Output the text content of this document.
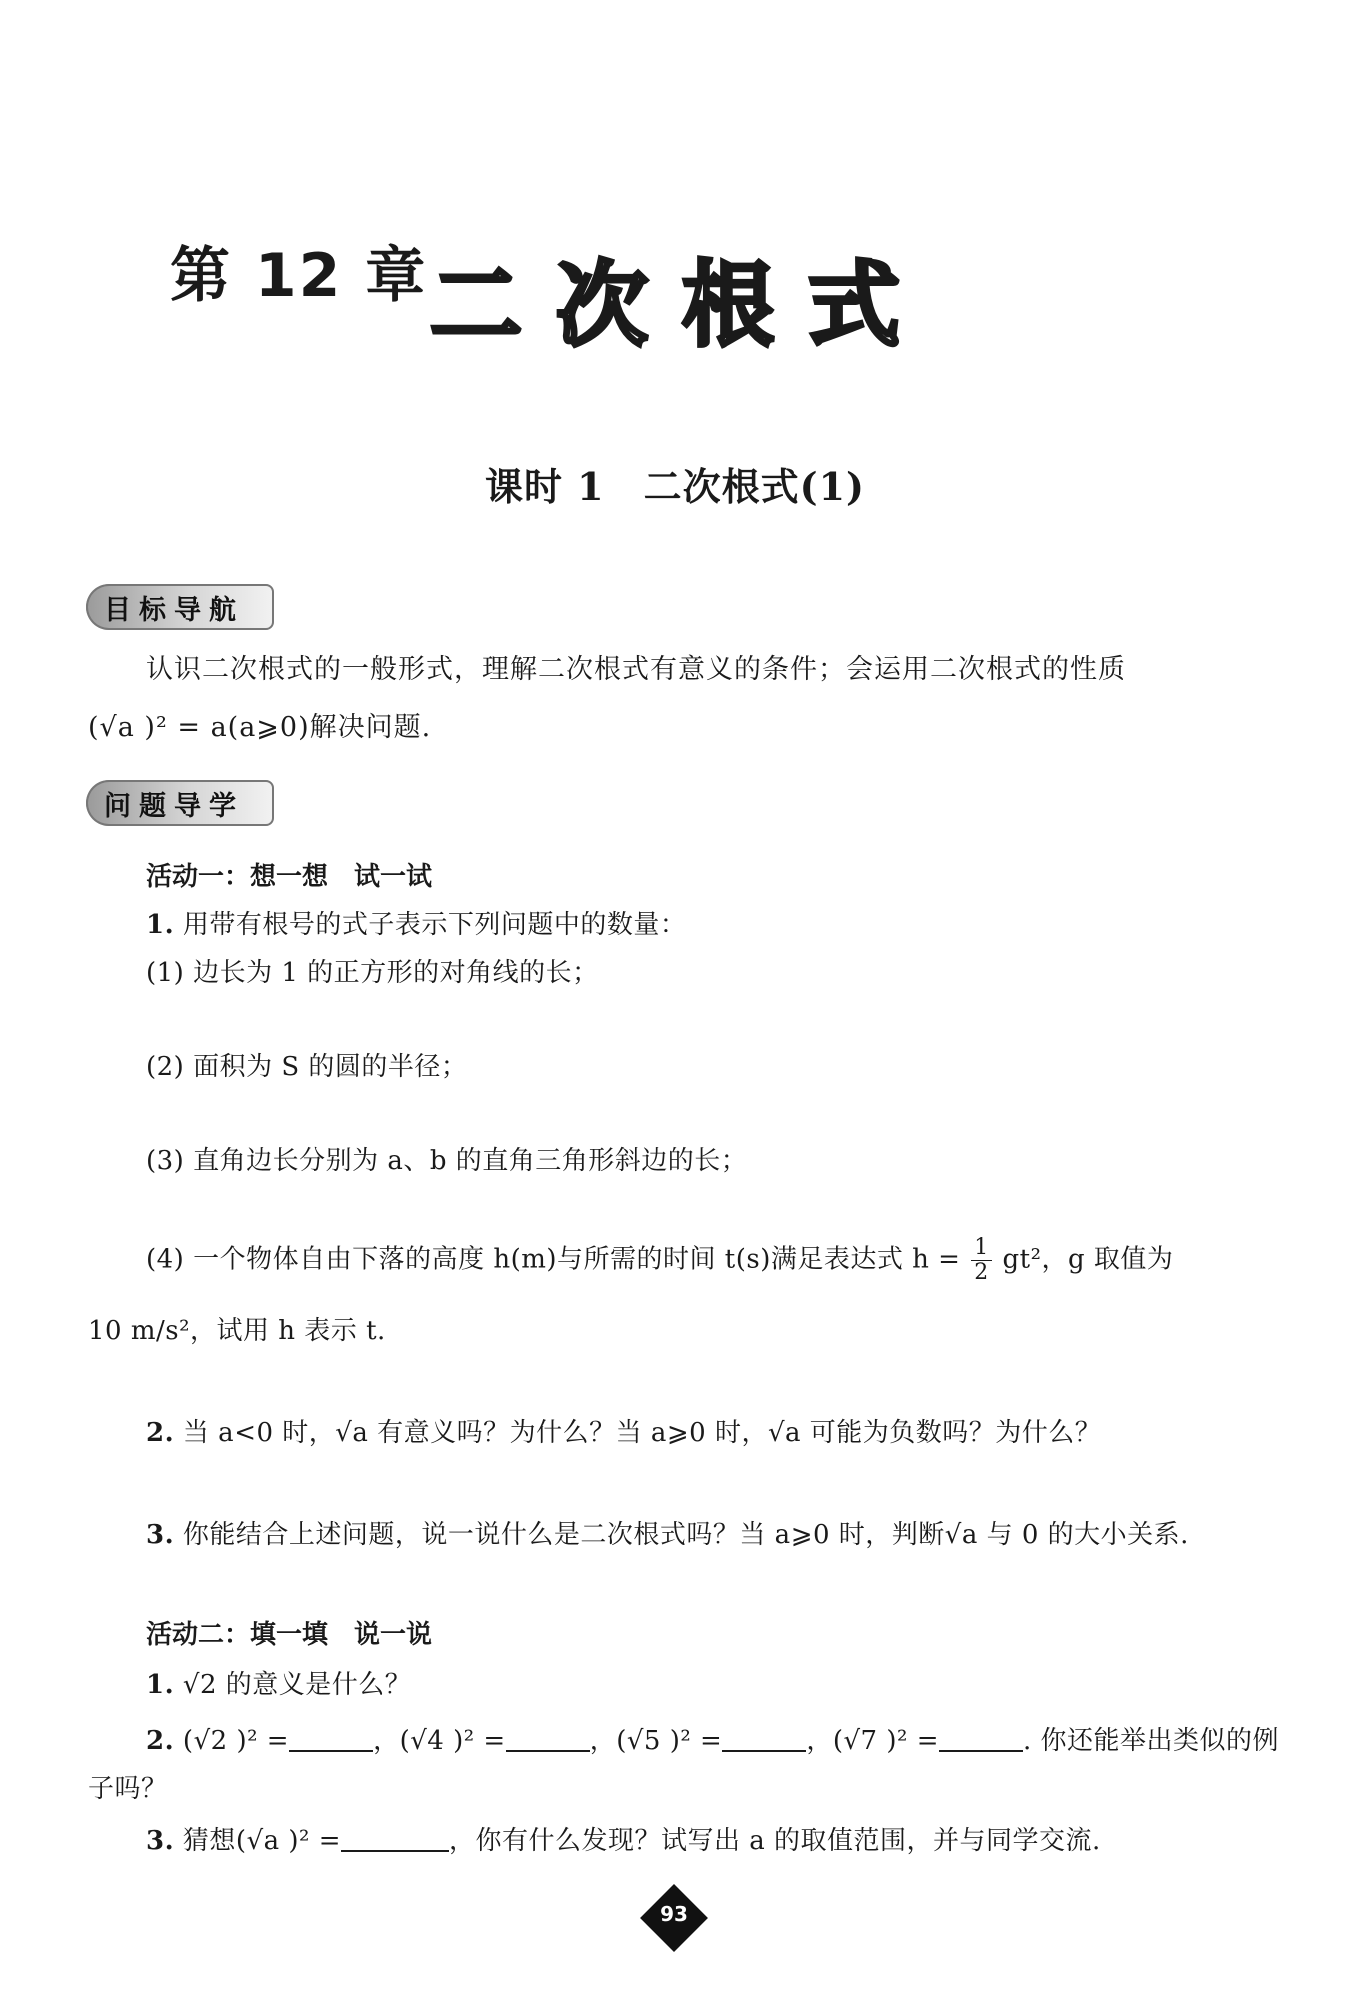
第 12 章 二次根式
课时 1　二次根式(1)
目标导航
认识二次根式的一般形式，理解二次根式有意义的条件；会运用二次根式的性质
(√a )² = a(a⩾0)解决问题.
问题导学
活动一：想一想　试一试
1. 用带有根号的式子表示下列问题中的数量：
(1) 边长为 1 的正方形的对角线的长；
(2) 面积为 S 的圆的半径；
(3) 直角边长分别为 a、b 的直角三角形斜边的长；
(4) 一个物体自由下落的高度 h(m)与所需的时间 t(s)满足表达式 $h = \frac{1}{2} gt^2$，g 取值为
10 m/s²，试用 h 表示 t.
2. 当 a<0 时，√a 有意义吗？为什么？当 a⩾0 时，√a 可能为负数吗？为什么？
3. 你能结合上述问题，说一说什么是二次根式吗？当 a⩾0 时，判断√a 与 0 的大小关系.
活动二：填一填　说一说
1. √2 的意义是什么？
2. (√2 )² =	，(√4 )² =	，(√5 )² =	，(√7 )² =	. 你还能举出类似的例
子吗？
3. 猜想(√a )² =	，你有什么发现？试写出 a 的取值范围，并与同学交流.
93
